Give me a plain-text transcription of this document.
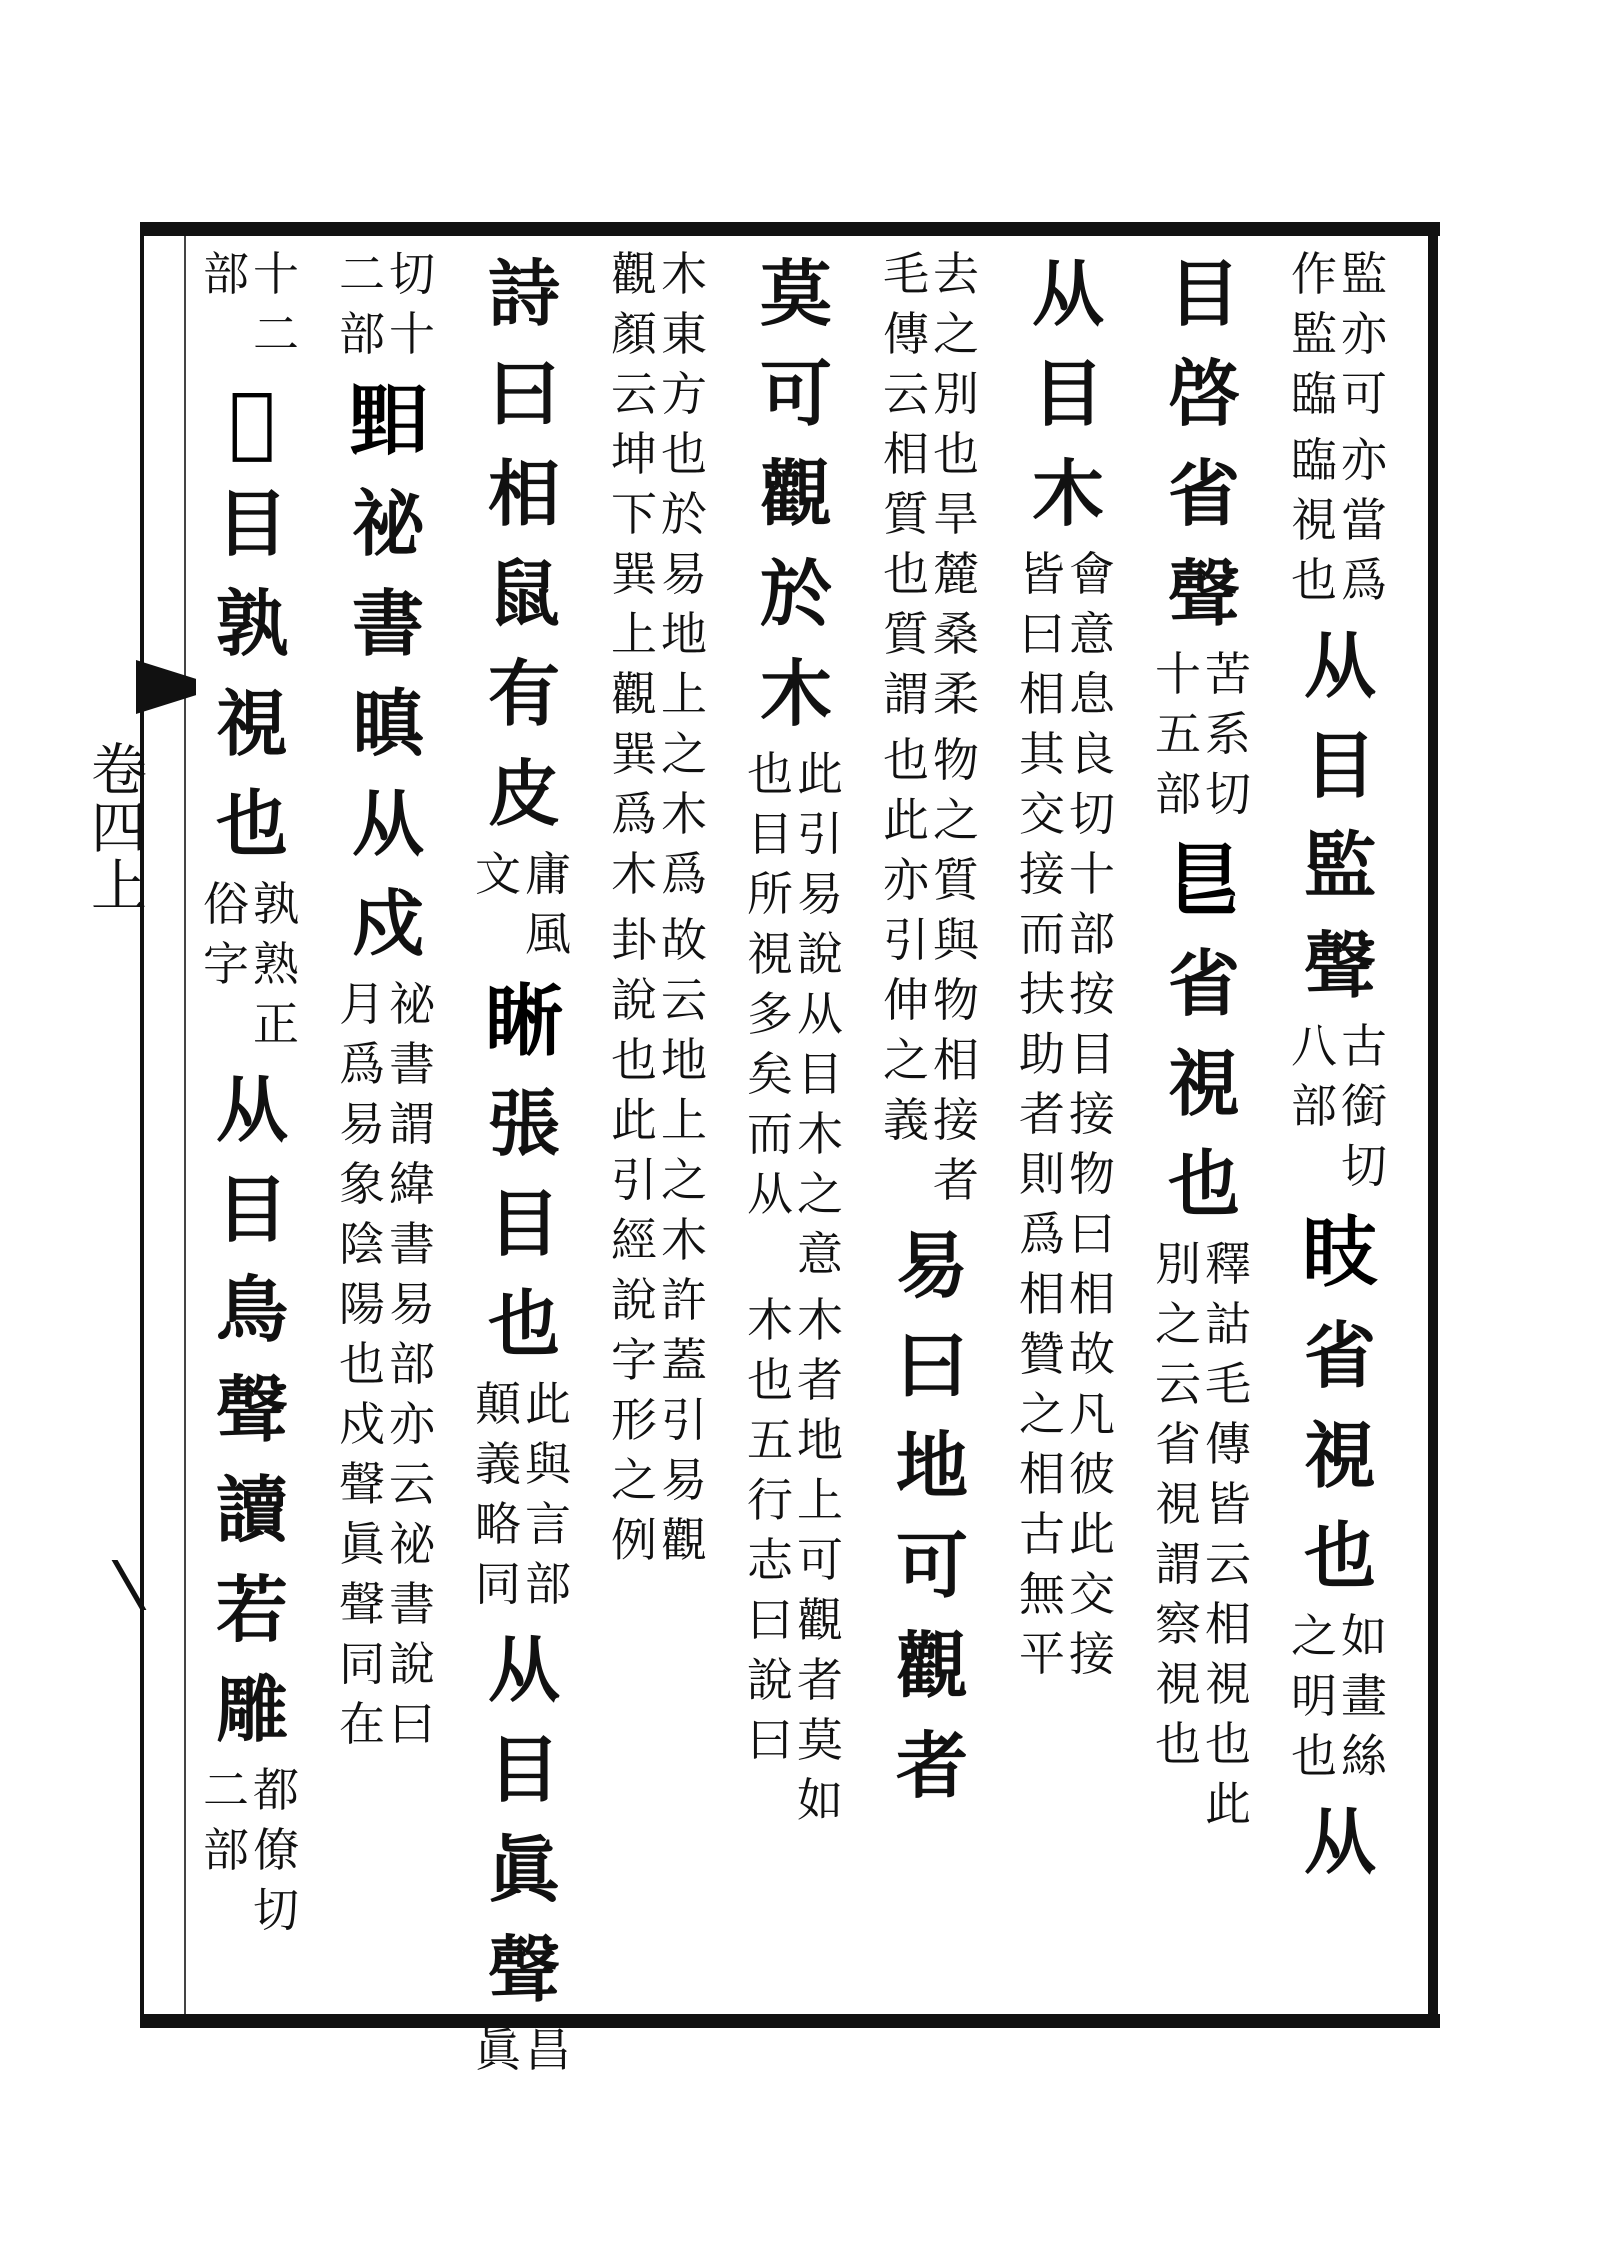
卷四上
監
亦
可
作
監
臨
亦
當
爲
臨
視
也
从
目
監
聲
古
銜
切
八
部
𥄏
省
視
也
如
畫
絲
之
明
也
从
目
啓
省
聲
苦
系
切
十
五
部
𥃩
省
視
也
釋
詁
毛
傳
皆
云
相
視
也
此
別
之
云
省
視
謂
察
視
也
从
目
木
會
意
息
良
切
十
部
按
目
接
物
曰
相
故
凡
彼
此
交
接
皆
曰
相
其
交
接
而
扶
助
者
則
爲
相
贊
之
相
古
無
平
去
之
別
也
旱
麓
桑
柔
毛
傳
云
相
質
也
質
謂
物
之
質
與
物
相
接
者
也
此
亦
引
伸
之
義
易
曰
地
可
觀
者
莫
可
觀
於
木
此
引
易
說
从
目
木
之
意
也
目
所
視
多
矣
而
从
木
者
地
上
可
觀
者
莫
如
木
也
五
行
志
曰
說
曰
木
東
方
也
於
易
地
上
之
木
爲
觀
顏
云
坤
下
巽
上
觀
巽
爲
木
故
云
地
上
之
木
許
蓋
引
易
觀
卦
說
也
此
引
經
說
字
形
之
例
詩
曰
相
鼠
有
皮
庸
風
文
𥇦
張
目
也
此
與
言
部
顛
義
略
同
从
目
眞
聲
昌
眞
切
十
二
部
𥆤
祕
書
瞋
从
戍
祕
書
謂
緯
書
易
部
亦
云
祕
書
說
曰
月
爲
易
象
陰
陽
也
戍
聲
眞
聲
同
在
十
二
部
𥇻
目
孰
視
也
孰
熟
正
俗
字
从
目
鳥
聲
讀
若
雕
都
僚
切
二
部
